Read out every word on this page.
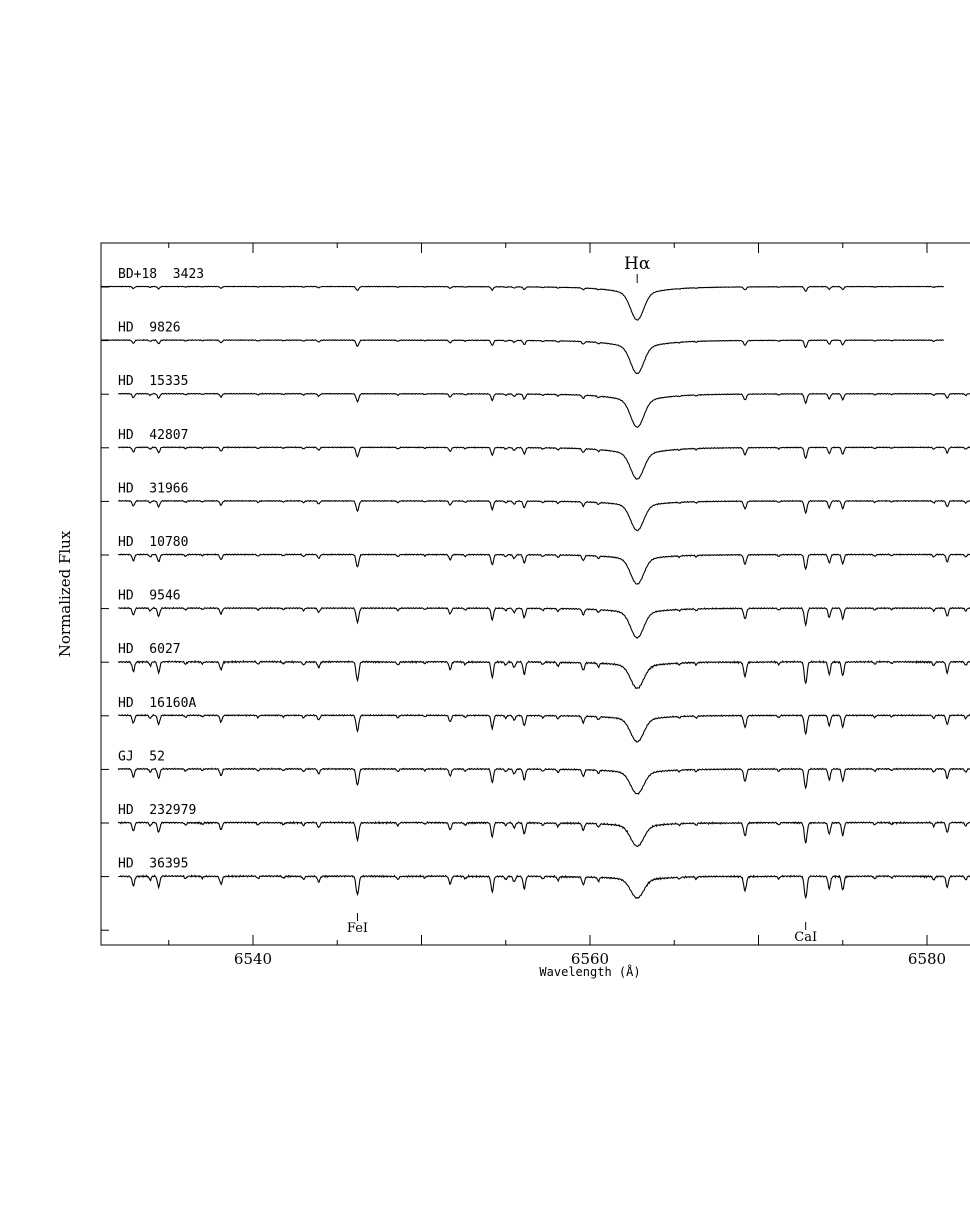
6540	6560	6580
BD+18  3423
HD  9826
HD  15335
HD  42807
HD  31966
HD  10780
HD  9546
HD  6027
HD  16160A
GJ  52
HD  232979
HD  36395
Hα
FeI
CaI
Wavelength (Å)
Normalized Flux
